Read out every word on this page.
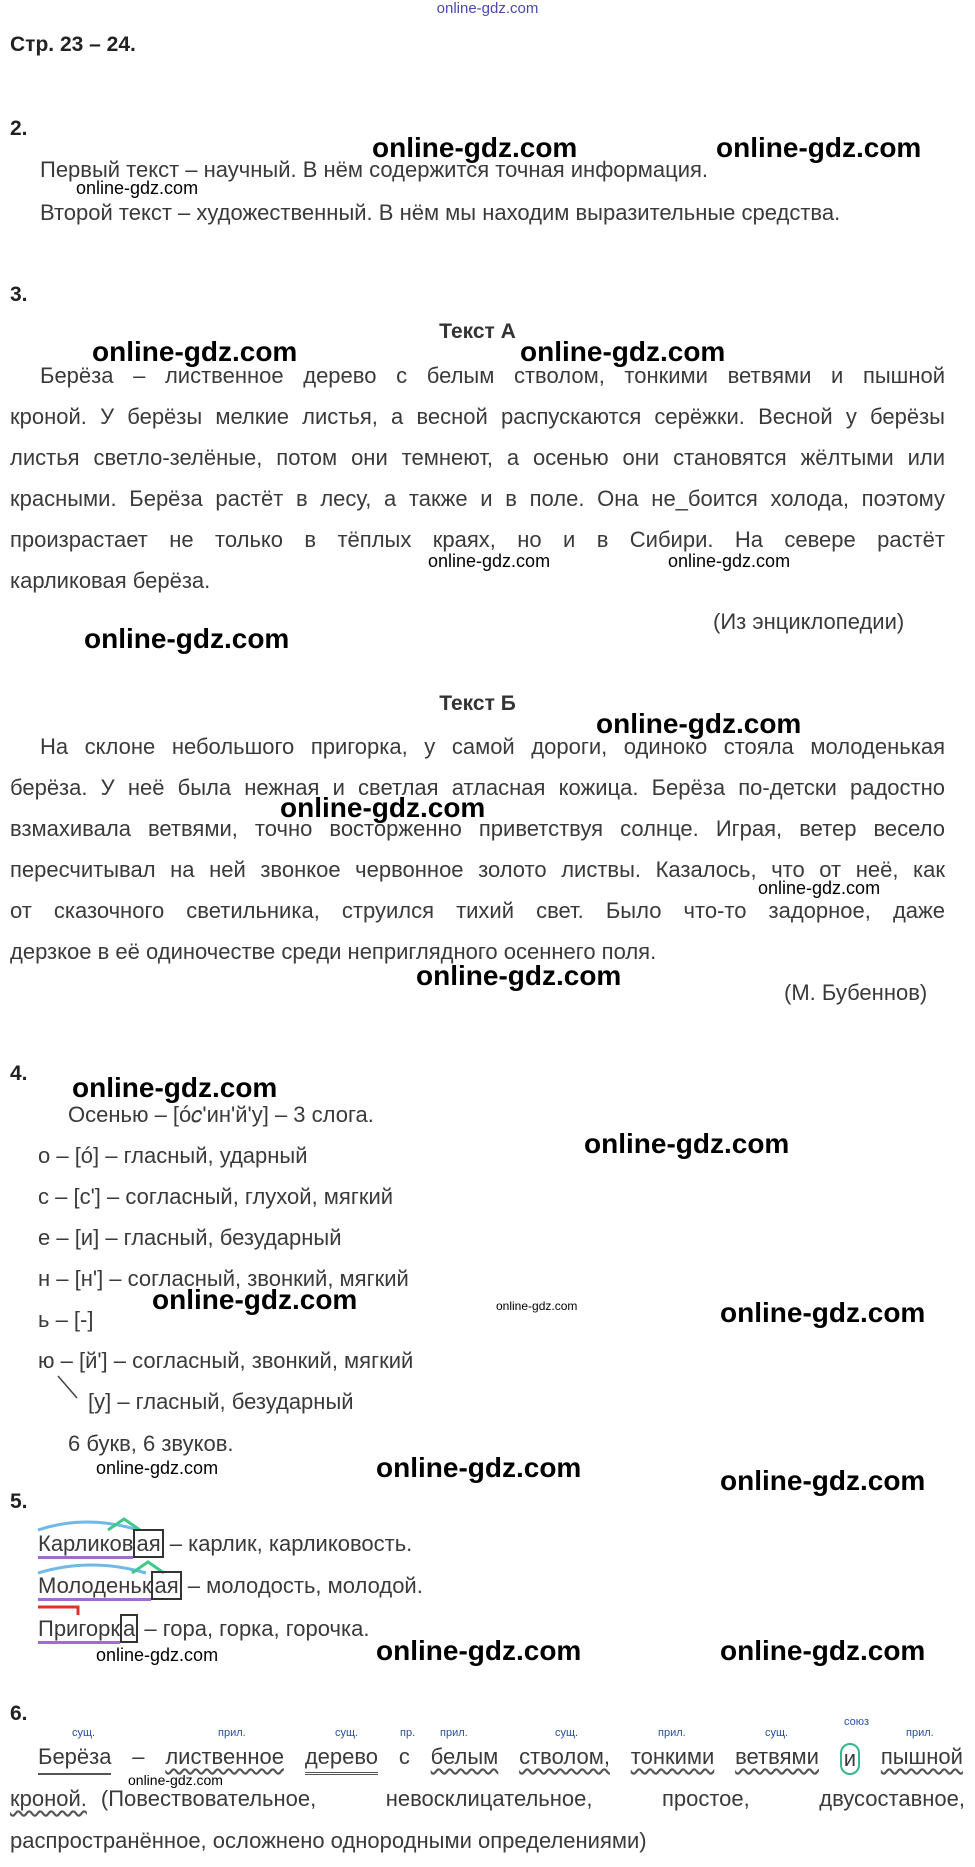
online-gdz.com
Стр. 23 – 24.
2.
Первый текст – научный. В нём содержится точная информация.
Второй текст – художественный. В нём мы находим выразительные средства.
3.
Текст А
Берёза – лиственное дерево с белым стволом, тонкими ветвями и пышной
кроной. У берёзы мелкие листья, а весной распускаются серёжки. Весной у берёзы
листья светло-зелёные, потом они темнеют, а осенью они становятся жёлтыми или
красными. Берёза растёт в лесу, а также и в поле. Она не_боится холода, поэтому
произрастает не только в тёплых краях, но и в Сибири. На севере растёт
карликовая берёза.
(Из энциклопедии)
Текст Б
На склоне небольшого пригорка, у самой дороги, одиноко стояла молоденькая
берёза. У неё была нежная и светлая атласная кожица. Берёза по-детски радостно
взмахивала ветвями, точно восторженно приветствуя солнце. Играя, ветер весело
пересчитывал на ней звонкое червонное золото листвы. Казалось, что от неё, как
от сказочного светильника, струился тихий свет. Было что-то задорное, даже
дерзкое в её одиночестве среди неприглядного осеннего поля.
(М. Бубеннов)
4.
Осенью – [ó𝑐'ин'й'у] – 3 слога.
о – [ó] – гласный, ударный
с – [с'] – согласный, глухой, мягкий
е – [и] – гласный, безударный
н – [н'] – согласный, звонкий, мягкий
ь – [-]
ю – [й'] – согласный, звонкий, мягкий
[у] – гласный, безударный
6 букв, 6 звуков.
5.
Карликов ая – карлик, карликовость.
Молоденьк ая – молодость, молодой.
Пригорк а – гора, горка, горочка.
6.
сущ.	прил.	сущ.	пр. прил.	сущ.	прил.	сущ.
союз
прил.
Берёза – лиственное дерево с белым стволом, тонкими ветвями и пышной
кроной. (Повествовательное, невосклицательное, простое, двусоставное,
распространённое, осложнено однородными определениями)
online-gdz.com	online-gdz.com
online-gdz.com
online-gdz.com	online-gdz.com
online-gdz.com	online-gdz.com
online-gdz.com
online-gdz.com
online-gdz.com
online-gdz.com
online-gdz.com
online-gdz.com
online-gdz.com
online-gdz.com	online-gdz.com	online-gdz.com
online-gdz.com	online-gdz.com	online-gdz.com
online-gdz.com	online-gdz.com	online-gdz.com
online-gdz.com
